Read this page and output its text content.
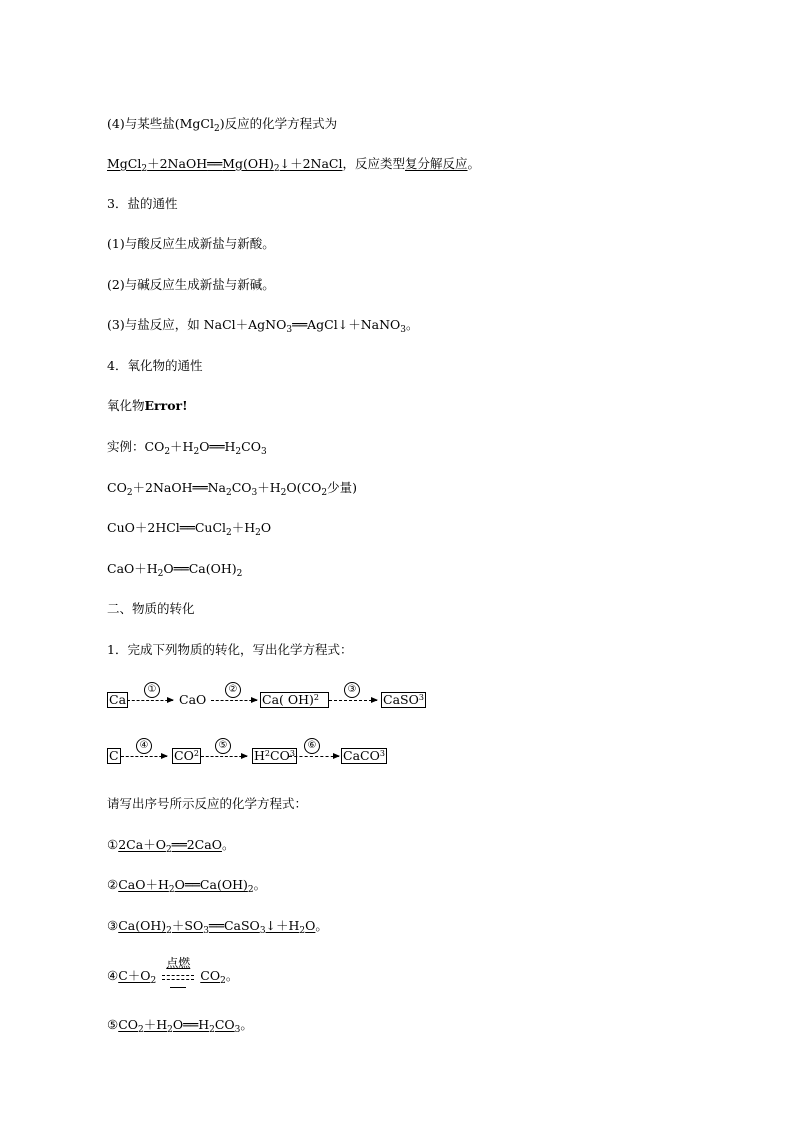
(4)与某些盐(MgCl$_2$)反应的化学方程式为
$MgCl_2+2NaOH══Mg(OH)_2↓+2NaCl$，反应类型复分解反应。
3．盐的通性
(1)与酸反应生成新盐与新酸。
(2)与碱反应生成新盐与新碱。
(3)与盐反应，如 NaCl＋AgNO$_3$══AgCl↓＋NaNO$_3$。
4．氧化物的通性
氧化物Error!
实例：$CO_2+H_2O══H_2CO_3$
$CO_2+2NaOH══Na_2CO_3+H_2O(CO_2$少量)
$CuO+2HCl══CuCl_2+H_2O$
$CaO+H_2O══Ca(OH)_2$
二、物质的转化
1．完成下列物质的转化，写出化学方程式：
Ca
①
CaO
②
Ca( OH)$^2$
③
CaSO$^3$
C
④
$CO^2$
⑤
$H^2CO^3$
⑥
CaCO$^3$
请写出序号所示反应的化学方程式：
$①2Ca+O_2══2CaO$。
$②CaO+H_2O══Ca(OH)_2$。
$③Ca(OH)_2+SO_3══CaSO_3↓+H_2O$。
$④C+O_2$
点燃
$CO_2$。
$⑤CO_2+H_2O══H_2CO_3$。
